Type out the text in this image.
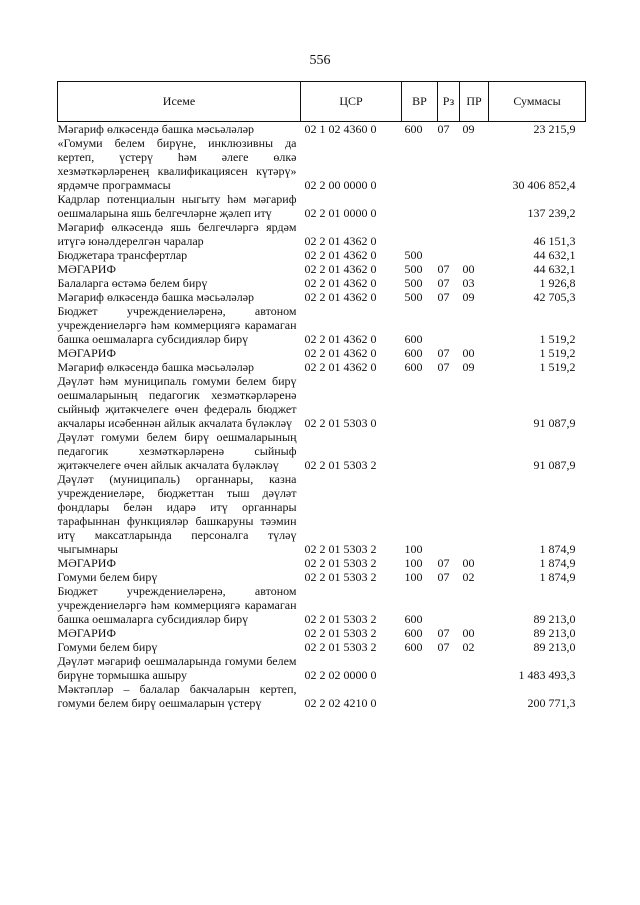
556
Исеме	ЦСР	ВР	Рз	ПР	Суммасы
Мәгариф өлкәсендә башка мәсьәләләр	02 1 02 4360 0	600	07	09	23 215,9
«Гомуми белем бирүне, инклюзивны да кертеп, үстерү һәм әлеге өлкә хезмәткәрләренең квалификациясен күтәрү» ярдәмче программасы	02 2 00 0000 0				30 406 852,4
Кадрлар потенциалын ныгыту һәм мәгариф оешмаларына яшь белгечләрне җәлеп итү	02 2 01 0000 0				137 239,2
Мәгариф өлкәсендә яшь белгечләргә ярдәм итүгә юнәлдерелгән чаралар	02 2 01 4362 0				46 151,3
Бюджетара трансфертлар	02 2 01 4362 0	500			44 632,1
МӘГАРИФ	02 2 01 4362 0	500	07	00	44 632,1
Балаларга өстәмә белем бирү	02 2 01 4362 0	500	07	03	1 926,8
Мәгариф өлкәсендә башка мәсьәләләр	02 2 01 4362 0	500	07	09	42 705,3
Бюджет учреждениеләренә, автоном учреждениеләргә һәм коммерциягә карамаган башка оешмаларга субсидияләр бирү	02 2 01 4362 0	600			1 519,2
МӘГАРИФ	02 2 01 4362 0	600	07	00	1 519,2
Мәгариф өлкәсендә башка мәсьәләләр	02 2 01 4362 0	600	07	09	1 519,2
Дәүләт һәм муниципаль гомуми белем бирү оешмаларының педагогик хезмәткәрләренә сыйныф җитәкчелеге өчен федераль бюджет акчалары исәбеннән айлык акчалата бүләкләү	02 2 01 5303 0				91 087,9
Дәүләт гомуми белем бирү оешмаларының педагогик хезмәткәрләренә сыйныф җитәкчелеге өчен айлык акчалата бүләкләү	02 2 01 5303 2				91 087,9
Дәүләт (муниципаль) органнары, казна учреждениеләре, бюджеттан тыш дәүләт фондлары белән идарә итү органнары тарафыннан функцияләр башкаруны тәэмин итү максатларында персоналга түләү чыгымнары	02 2 01 5303 2	100			1 874,9
МӘГАРИФ	02 2 01 5303 2	100	07	00	1 874,9
Гомуми белем бирү	02 2 01 5303 2	100	07	02	1 874,9
Бюджет учреждениеләренә, автоном учреждениеләргә һәм коммерциягә карамаган башка оешмаларга субсидияләр бирү	02 2 01 5303 2	600			89 213,0
МӘГАРИФ	02 2 01 5303 2	600	07	00	89 213,0
Гомуми белем бирү	02 2 01 5303 2	600	07	02	89 213,0
Дәүләт мәгариф оешмаларында гомуми белем бирүне тормышка ашыру	02 2 02 0000 0				1 483 493,3
Мәктәпләр – балалар бакчаларын кертеп, гомуми белем бирү оешмаларын үстерү	02 2 02 4210 0				200 771,3
